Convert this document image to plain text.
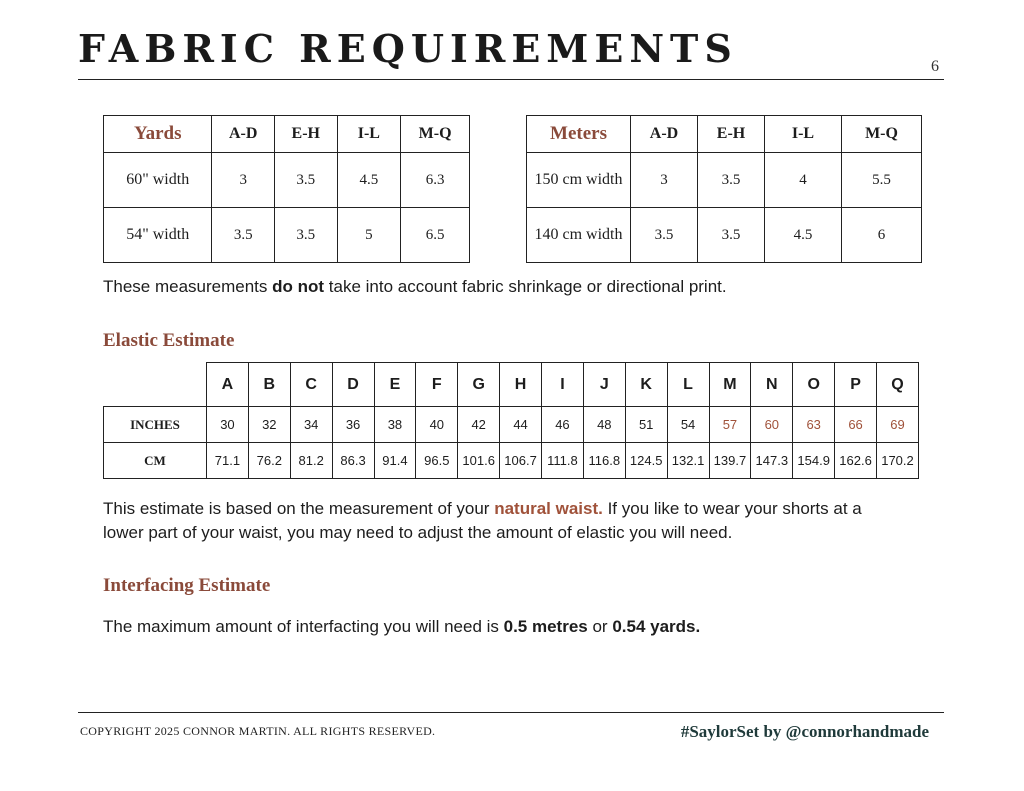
FABRIC REQUIREMENTS	6
Yards	A-D	E-H	I-L	M-Q
60" width	3	3.5	4.5	6.3
54" width	3.5	3.5	5	6.5
Meters	A-D	E-H	I-L	M-Q
150 cm width	3	3.5	4	5.5
140 cm width	3.5	3.5	4.5	6

These measurements do not take into account fabric shrinkage or directional print.

Elastic Estimate
	A	B	C	D	E	F	G	H	I	J	K	L	M	N	O	P	Q
INCHES	30	32	34	36	38	40	42	44	46	48	51	54	57	60	63	66	69
CM	71.1	76.2	81.2	86.3	91.4	96.5	101.6	106.7	111.8	116.8	124.5	132.1	139.7	147.3	154.9	162.6	170.2

This estimate is based on the measurement of your natural waist. If you like to wear your shorts at a lower part of your waist, you may need to adjust the amount of elastic you will need.

Interfacing Estimate

The maximum amount of interfacting you will need is 0.5 metres or 0.54 yards.

COPYRIGHT 2025 CONNOR MARTIN. ALL RIGHTS RESERVED.	#SaylorSet by @connorhandmade
